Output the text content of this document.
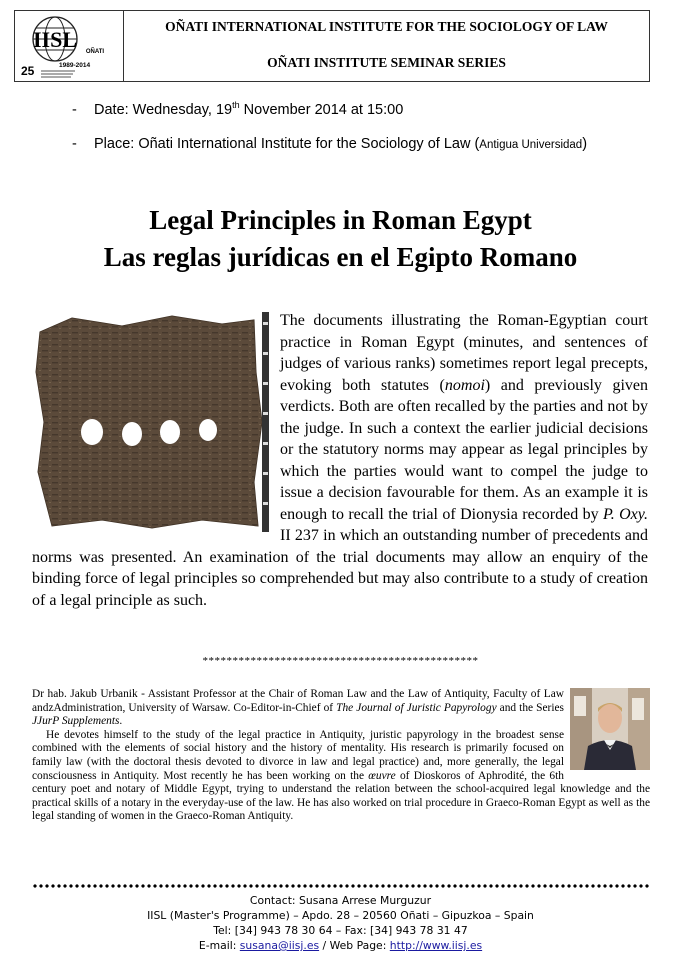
IISL OÑATI
1989-2014
25
OÑATI INTERNATIONAL INSTITUTE FOR THE SOCIOLOGY OF LAW
OÑATI INSTITUTE SEMINAR SERIES
- Date: Wednesday, 19th November 2014 at 15:00
- Place: Oñati International Institute for the Sociology of Law (Antigua Universidad)
Legal Principles in Roman Egypt
Las reglas jurídicas en el Egipto Romano
The documents illustrating the Roman-Egyptian court practice in Roman Egypt (minutes, and sentences of judges of various ranks) sometimes report legal precepts, evoking both statutes (nomoi) and previously given verdicts. Both are often recalled by the parties and not by the judge. In such a context the earlier judicial decisions or the statutory norms may appear as legal principles by which the parties would want to compel the judge to issue a decision favourable for them. As an example it is enough to recall the trial of Dionysia recorded by P. Oxy. II 237 in which an outstanding number of precedents and norms was presented. An examination of the trial documents may allow an enquiry of the binding force of legal principles so comprehended but may also contribute to a study of creation of a legal principle as such.
**********************************************

Dr hab. Jakub Urbanik - Assistant Professor at the Chair of Roman Law and the Law of Antiquity, Faculty of Law andzAdministration, University of Warsaw. Co-Editor-in-Chief of The Journal of Juristic Papyrology and the Series JJurP Supplements.

He devotes himself to the study of the legal practice in Antiquity, juristic papyrology in the broadest sense combined with the elements of social history and the history of mentality. His research is primarily focused on family law (with the doctoral thesis devoted to divorce in law and legal practice) and, more generally, the legal consciousness in Antiquity. Most recently he has been working on the œuvre of Dioskoros of Aphrodité, the 6th century poet and notary of Middle Egypt, trying to understand the relation between the school-acquired legal knowledge and the practical skills of a notary in the everyday-use of the law. He has also worked on trial procedure in Graeco-Roman Egypt as well as the legal standing of women in the Graeco-Roman Antiquity.

Contact: Susana Arrese Murguzur
IISL (Master's Programme) – Apdo. 28 – 20560 Oñati – Gipuzkoa – Spain
Tel: [34] 943 78 30 64 – Fax: [34] 943 78 31 47
E-mail: susana@iisj.es / Web Page: http://www.iisj.es
